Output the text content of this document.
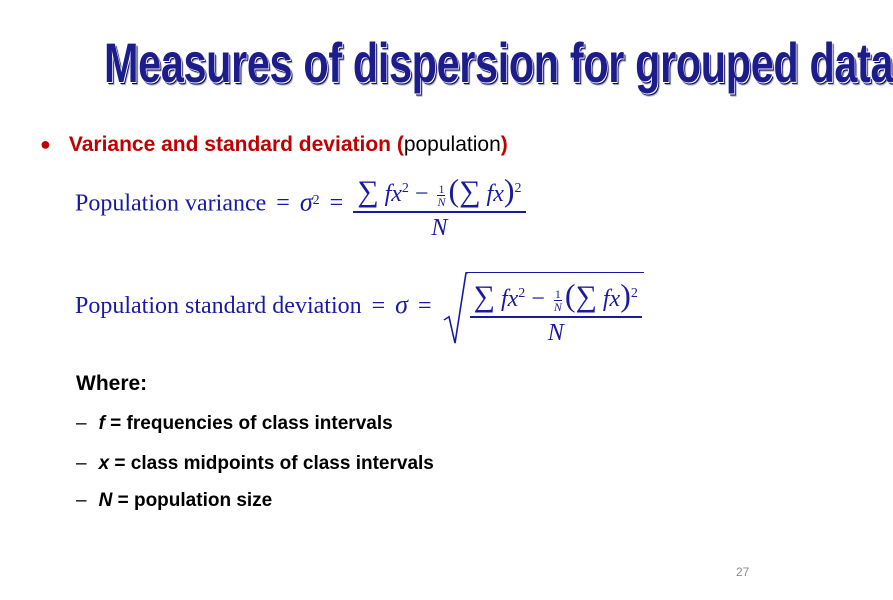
Measures of dispersion for grouped data
● Variance and standard deviation (population)
Population variance = $\sigma^2$ = ∑ $fx^2 - \frac{1}{N}(\sum$ fx)$^2$
N
Population standard deviation = σ = ∑ $fx^2 - \frac{1}{N}(\sum$ fx)$^2$
N
Where:
– f = frequencies of class intervals
– x = class midpoints of class intervals
– N = population size
27
